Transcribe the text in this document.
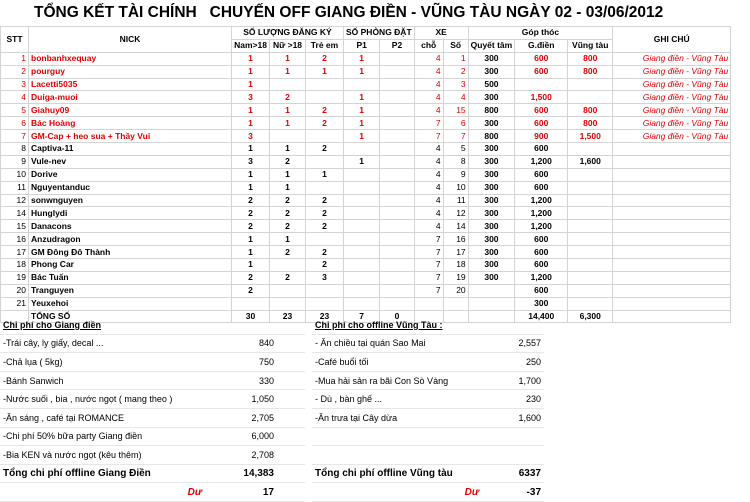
TỔNG KẾT TÀI CHÍNH   CHUYẾN OFF GIANG ĐIỀN - VŨNG TÀU NGÀY 02 - 03/06/2012
STT	NICK	SỐ LƯỢNG ĐĂNG KÝ			SỐ PHÒNG ĐẶT		XE		Góp thóc			GHI CHÚ
		Nam>18	Nữ >18	Trẻ em	P1	P2	chỗ	Số	Quyết tâm	G.điền	Vũng tàu	
1	bonbanhxequay	1	1	2	1		4	1	300	600	800	Giang điền - Vũng Tàu
2	pourguy	1	1	1	1		4	2	300	600	800	Giang điền - Vũng Tàu
3	Lacetti5035	1					4	3	500			Giang điền - Vũng Tàu
4	Duiga-muoi	3	2		1		4	4	300	1,500		Giang điền - Vũng Tàu
5	Giahuy09	1	1	2	1		4	15	800	600	800	Giang điền - Vũng Tàu
6	Bác Hoàng	1	1	2	1		7	6	300	600	800	Giang điền - Vũng Tàu
7	GM-Cap + heo sua + Thầy Vui	3			1		7	7	800	900	1,500	Giang điền - Vũng Tàu
8	Captiva-11	1	1	2			4	5	300	600		
9	Vule-nev	3	2		1		4	8	300	1,200	1,600	
10	Dorive	1	1	1			4	9	300	600		
11	Nguyentanduc	1	1				4	10	300	600		
12	sonwnguyen	2	2	2			4	11	300	1,200		
14	Hunglydi	2	2	2			4	12	300	1,200		
15	Danacons	2	2	2			4	14	300	1,200		
16	Anzudragon	1	1				7	16	300	600		
17	GM Đông Đô Thành	1	2	2			7	17	300	600		
18	Phong Car	1		2			7	18	300	600		
19	Bác Tuấn	2	2	3			7	19	300	1,200		
20	Tranguyen	2					7	20		600		
21	Yeuxehoi									300		
	TỔNG SỐ	30	23	23	7	0				14,400	6,300	
Chi phí cho Giang điền		
-Trái cây, ly giấy, decal ...	840	
-Chả lụa ( 5kg)	750	
-Bánh Sanwich	330	
-Nước suối , bia , nước ngọt ( mang theo )	1,050	
-Ăn sáng , café tại ROMANCE	2,705	
-Chi phí 50% bữa party Giang điền	6,000	
-Bia KEN và nước ngọt (kêu thêm)	2,708	
Tổng chi phí offline Giang Điền	14,383	
Dư	17	
Chi phí cho offline Vũng Tàu :	
- Ăn chiều tại quán Sao Mai	2,557
-Café buổi tối	250
-Mua hải sản ra bãi Con Sò Vàng	1,700
- Dù , bàn ghế ...	230
-Ăn trưa tại Cây dừa	1,600

Tổng chi phí offline Vũng tàu	6337
Dư	-37
